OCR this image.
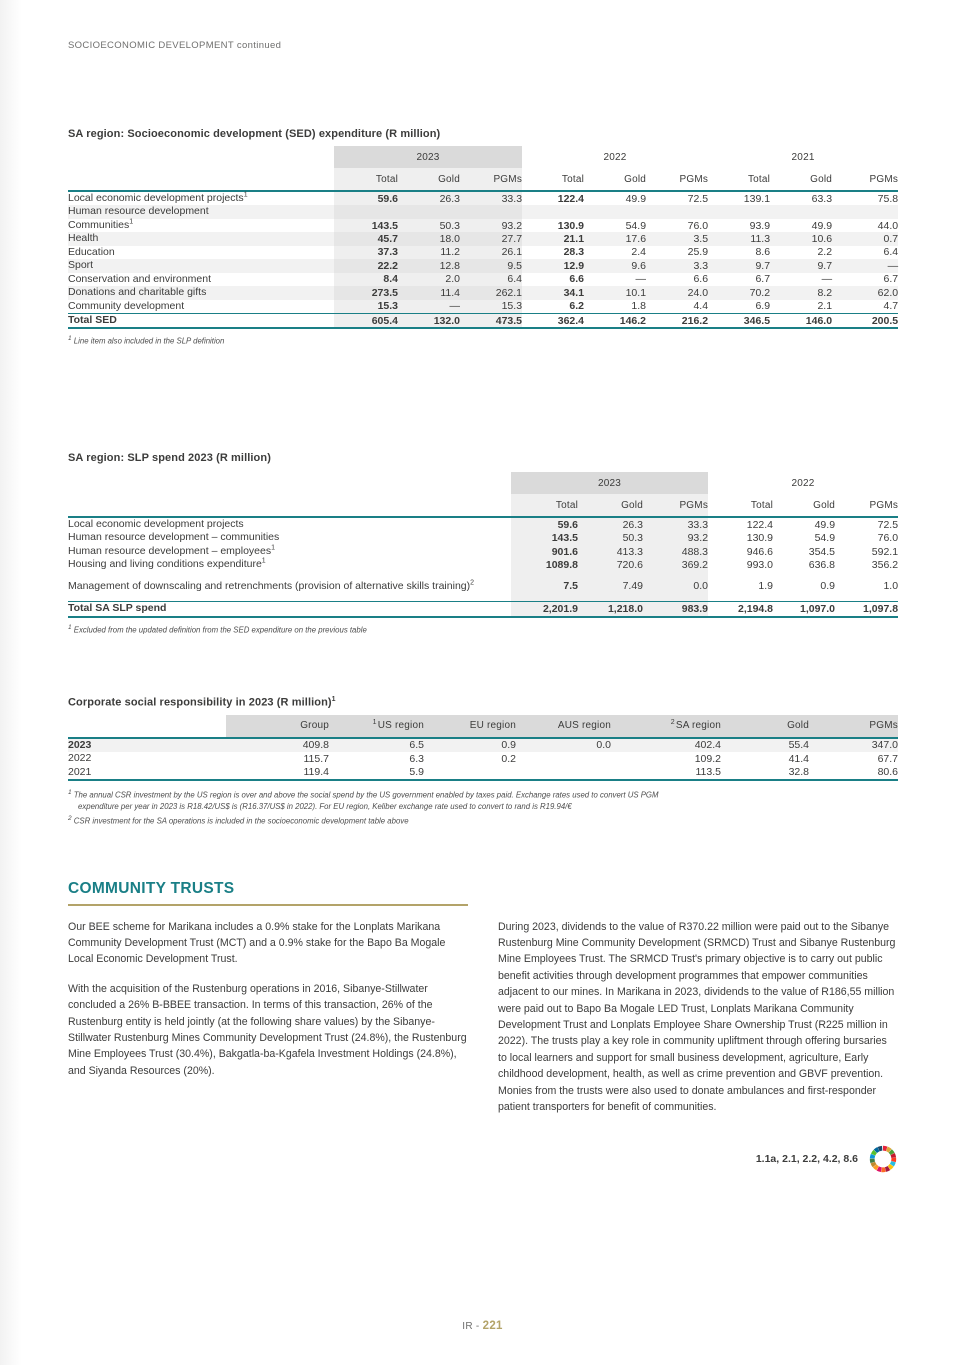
SOCIOECONOMIC DEVELOPMENT continued
SA region: Socioeconomic development (SED) expenditure (R million)
	2023			2022			2021		
	Total	Gold	PGMs	Total	Gold	PGMs	Total	Gold	PGMs
Local economic development projects$^1$	59.6	26.3	33.3	122.4	49.9	72.5	139.1	63.3	75.8
Human resource development									
Communities$^1$	143.5	50.3	93.2	130.9	54.9	76.0	93.9	49.9	44.0
Health	45.7	18.0	27.7	21.1	17.6	3.5	11.3	10.6	0.7
Education	37.3	11.2	26.1	28.3	2.4	25.9	8.6	2.2	6.4
Sport	22.2	12.8	9.5	12.9	9.6	3.3	9.7	9.7	—
Conservation and environment	8.4	2.0	6.4	6.6	—	6.6	6.7	—	6.7
Donations and charitable gifts	273.5	11.4	262.1	34.1	10.1	24.0	70.2	8.2	62.0
Community development	15.3	—	15.3	6.2	1.8	4.4	6.9	2.1	4.7
Total SED	605.4	132.0	473.5	362.4	146.2	216.2	346.5	146.0	200.5
$^1$ Line item also included in the SLP definition
SA region: SLP spend 2023 (R million)
	2023			2022		
	Total	Gold	PGMs	Total	Gold	PGMs
Local economic development projects	59.6	26.3	33.3	122.4	49.9	72.5
Human resource development – communities	143.5	50.3	93.2	130.9	54.9	76.0
Human resource development – employees$^1$	901.6	413.3	488.3	946.6	354.5	592.1
Housing and living conditions expenditure$^1$	1089.8	720.6	369.2	993.0	636.8	356.2
Management of downscaling and retrenchments (provision of alternative skills training)$^2$	7.5	7.49	0.0	1.9	0.9	1.0
Total SA SLP spend	2,201.9	1,218.0	983.9	2,194.8	1,097.0	1,097.8
$^1$ Excluded from the updated definition from the SED expenditure on the previous table
Corporate social responsibility in 2023 (R million)$^1$
	Group	$^1$US region	EU region	AUS region	$^2$SA region	Gold	PGMs
2023	409.8	6.5	0.9	0.0	402.4	55.4	347.0
2022	115.7	6.3	0.2		109.2	41.4	67.7
2021	119.4	5.9			113.5	32.8	80.6
$^1$ The annual CSR investment by the US region is over and above the social spend by the US government enabled by taxes paid. Exchange rates used to convert US PGM
expenditure per year in 2023 is R18.42/US$ is (R16.37/US$ in 2022). For EU region, Keliber exchange rate used to convert to rand is R19.94/€
$^2$ CSR investment for the SA operations is included in the socioeconomic development table above
COMMUNITY TRUSTS

Our BEE scheme for Marikana includes a 0.9% stake for the Lonplats Marikana Community Development Trust (MCT) and a 0.9% stake for the Bapo Ba Mogale Local Economic Development Trust.

With the acquisition of the Rustenburg operations in 2016, Sibanye-Stillwater concluded a 26% B-BBEE transaction. In terms of this transaction, 26% of the Rustenburg entity is held jointly (at the following share values) by the Sibanye-Stillwater Rustenburg Mines Community Development Trust (24.8%), the Rustenburg Mine Employees Trust (30.4%), Bakgatla-ba-Kgafela Investment Holdings (24.8%), and Siyanda Resources (20%).

During 2023, dividends to the value of R370.22 million were paid out to the Sibanye Rustenburg Mine Community Development (SRMCD) Trust and Sibanye Rustenburg Mine Employees Trust. The SRMCD Trust's primary objective is to carry out public benefit activities through development programmes that empower communities adjacent to our mines. In Marikana in 2023, dividends to the value of R186,55 million were paid out to Bapo Ba Mogale LED Trust, Lonplats Marikana Community Development Trust and Lonplats Employee Share Ownership Trust (R225 million in 2022). The trusts play a key role in community upliftment through offering bursaries to local learners and support for small business development, agriculture, Early childhood development, health, as well as crime prevention and GBVF prevention. Monies from the trusts were also used to donate ambulances and first-responder patient transporters for benefit of communities.

1.1a, 2.1, 2.2, 4.2, 8.6
IR - 221
